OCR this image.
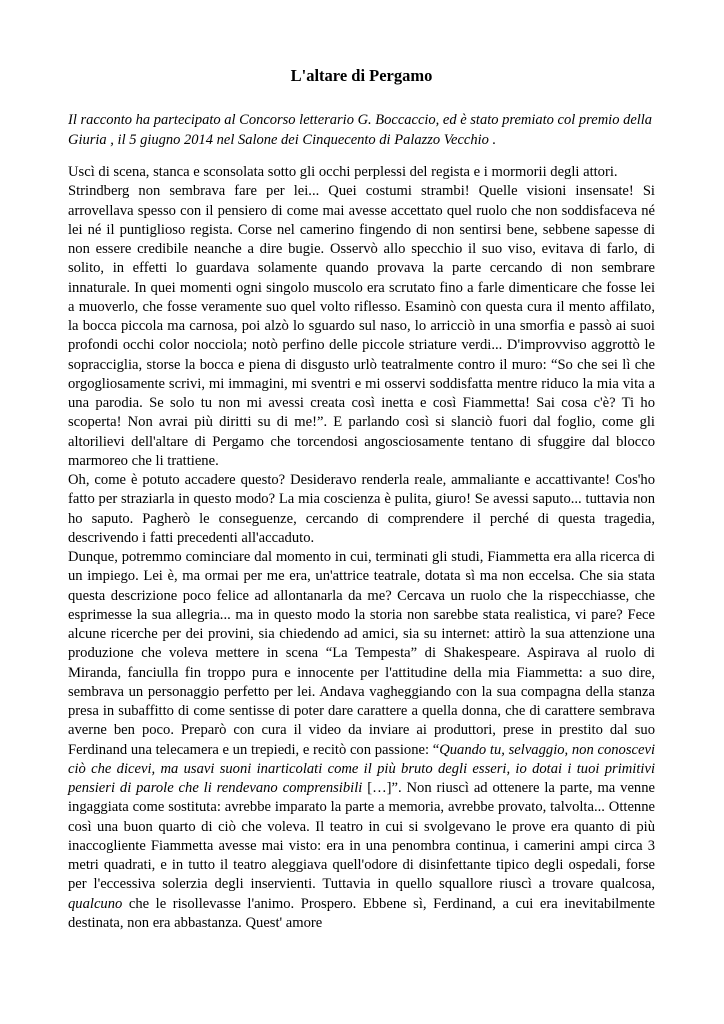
L'altare di Pergamo

Il racconto ha partecipato al Concorso letterario G. Boccaccio, ed è stato premiato col premio della Giuria , il 5 giugno 2014 nel Salone dei Cinquecento di Palazzo Vecchio .

Uscì di scena, stanca e sconsolata sotto gli occhi perplessi del regista e i mormorii degli attori.

Strindberg non sembrava fare per lei... Quei costumi strambi! Quelle visioni insensate! Si arrovellava spesso con il pensiero di come mai avesse accettato quel ruolo che non soddisfaceva né lei né il puntiglioso regista. Corse nel camerino fingendo di non sentirsi bene, sebbene sapesse di non essere credibile neanche a dire bugie. Osservò allo specchio il suo viso, evitava di farlo, di solito, in effetti lo guardava solamente quando provava la parte cercando di non sembrare innaturale. In quei momenti ogni singolo muscolo era scrutato fino a farle dimenticare che fosse lei a muoverlo, che fosse veramente suo quel volto riflesso. Esaminò con questa cura il mento affilato, la bocca piccola ma carnosa, poi alzò lo sguardo sul naso, lo arricciò in una smorfia e passò ai suoi profondi occhi color nocciola; notò perfino delle piccole striature verdi... D'improvviso aggrottò le sopracciglia, storse la bocca e piena di disgusto urlò teatralmente contro il muro: “So che sei lì che orgogliosamente scrivi, mi immagini, mi sventri e mi osservi soddisfatta mentre riduco la mia vita a una parodia. Se solo tu non mi avessi creata così inetta e così Fiammetta! Sai cosa c'è? Ti ho scoperta! Non avrai più diritti su di me!”. E parlando così si slanciò fuori dal foglio, come gli altorilievi dell'altare di Pergamo che torcendosi angosciosamente tentano di sfuggire dal blocco marmoreo che li trattiene.

Oh, come è potuto accadere questo? Desideravo renderla reale, ammaliante e accattivante! Cos'ho fatto per straziarla in questo modo? La mia coscienza è pulita, giuro! Se avessi saputo... tuttavia non ho saputo. Pagherò le conseguenze, cercando di comprendere il perché di questa tragedia, descrivendo i fatti precedenti all'accaduto.

Dunque, potremmo cominciare dal momento in cui, terminati gli studi, Fiammetta era alla ricerca di un impiego. Lei è, ma ormai per me era, un'attrice teatrale, dotata sì ma non eccelsa. Che sia stata questa descrizione poco felice ad allontanarla da me? Cercava un ruolo che la rispecchiasse, che esprimesse la sua allegria... ma in questo modo la storia non sarebbe stata realistica, vi pare? Fece alcune ricerche per dei provini, sia chiedendo ad amici, sia su internet: attirò la sua attenzione una produzione che voleva mettere in scena “La Tempesta” di Shakespeare. Aspirava al ruolo di Miranda, fanciulla fin troppo pura e innocente per l'attitudine della mia Fiammetta: a suo dire, sembrava un personaggio perfetto per lei. Andava vagheggiando con la sua compagna della stanza presa in subaffitto di come sentisse di poter dare carattere a quella donna, che di carattere sembrava averne ben poco. Preparò con cura il video da inviare ai produttori, prese in prestito dal suo Ferdinand una telecamera e un trepiedi, e recitò con passione: “Quando tu, selvaggio, non conoscevi ciò che dicevi, ma usavi suoni inarticolati come il più bruto degli esseri, io dotai i tuoi primitivi pensieri di parole che li rendevano comprensibili […]”. Non riuscì ad ottenere la parte, ma venne ingaggiata come sostituta: avrebbe imparato la parte a memoria, avrebbe provato, talvolta... Ottenne così una buon quarto di ciò che voleva. Il teatro in cui si svolgevano le prove era quanto di più inaccogliente Fiammetta avesse mai visto: era in una penombra continua, i camerini ampi circa 3 metri quadrati, e in tutto il teatro aleggiava quell'odore di disinfettante tipico degli ospedali, forse per l'eccessiva solerzia degli inservienti. Tuttavia in quello squallore riuscì a trovare qualcosa, qualcuno che le risollevasse l'animo. Prospero. Ebbene sì, Ferdinand, a cui era inevitabilmente destinata, non era abbastanza. Quest' amore
